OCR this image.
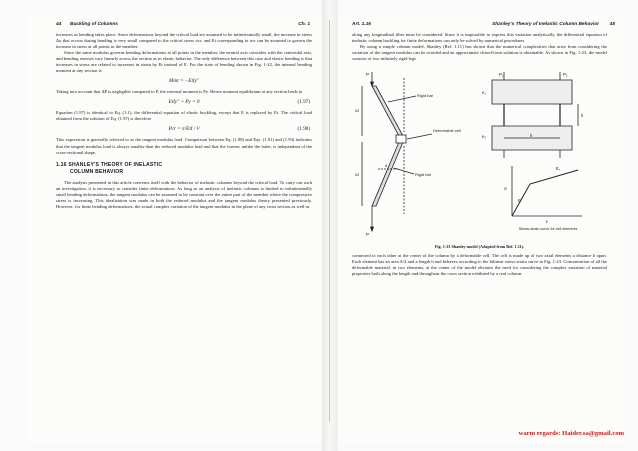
44 Buckling of Columns	Ch. 1

increases as bending takes place. Since deformations beyond the critical load are assumed to be infinitesimally small, the increase in stress Δσ that occurs during bending is very small compared to the critical stress σcr, and Et corresponding to σcr can be assumed to govern the increase in stress at all points in the member.

Since the same modulus governs bending deformations at all points in the member, the neutral axis coincides with the centroidal axis, and bending stresses vary linearly across the section as in elastic behavior. The only difference between this case and elastic bending is that increases in stress are related to increases in strain by Et instead of E. For the state of bending shown in Fig. 1-22, the internal bending moment at any section is

Mint = −EtIy″

Taking into account that ΔP is negligible compared to P, the external moment is Py. Hence moment equilibrium at any section leads to

EtIy″ + Py = 0	(1.97)

Equation (1.97) is identical to Eq. (1.1), the differential equation of elastic buckling, except that E is replaced by Et. The critical load obtained from the solution of Eq. (1.97) is therefore

Pcr = π²EtI / l²	(1.98)

This expression is generally referred to as the tangent modulus load. Comparison between Eq. (1.98) and Eqs. (1.91) and (1.93) indicates that the tangent modulus load is always smaller than the reduced modulus load and that the former, unlike the latter, is independent of the cross-sectional shape.

1.16 SHANLEY'S THEORY OF INELASTIC
COLUMN BEHAVIOR

The analysis presented in this article concerns itself with the behavior of inelastic columns beyond the critical load. To carry out such an investigation, it is necessary to consider finite deformations. As long as an analysis of inelastic columns is limited to infinitesimally small bending deformations, the tangent modulus can be assumed to be constant over the entire part of the member where the compressive stress is increasing. This idealization was made in both the reduced modulus and the tangent modulus theory presented previously. However, for finite bending deformations, the actual complex variation of the tangent modulus in the plane of any cross section as well as

Art. 1.16	Shanley's Theory of Inelastic Column Behavior 45

along any longitudinal fiber must be considered. Since it is impossible to express this variation analytically, the differential equation of inelastic column buckling for finite deformations can only be solved by numerical procedures.

By using a simple column model, Shanley (Ref. 1.11) has shown that the numerical complexities that arise from considering the variation of the tangent modulus can be avoided and an approximate closed-form solution is obtainable. As shown in Fig. 1-23, the model consists of two infinitely rigid legs

P
P
Rigid bar
Deformable cell
Rigid bar
l/2
l/2
d
P₁	P₂
e₁
e₂	h
h
σ
ε
E
Eₜ
Stress-strain curve for cell elements
Fig. 1-23 Shanley model (Adapted from Ref. 1.11).

connected to each other at the center of the column by a deformable cell. The cell is made up of two axial elements a distance h apart. Each element has an area A/2 and a length h and behaves according to the bilinear stress-strain curve in Fig. 1-23. Concentration of all the deformable material, in two elements, at the center of the model obviates the need for considering the complex variation of material properties both along the length and throughout the cross section exhibited by a real column.

warm regards: Haider.sa@gmail.com
